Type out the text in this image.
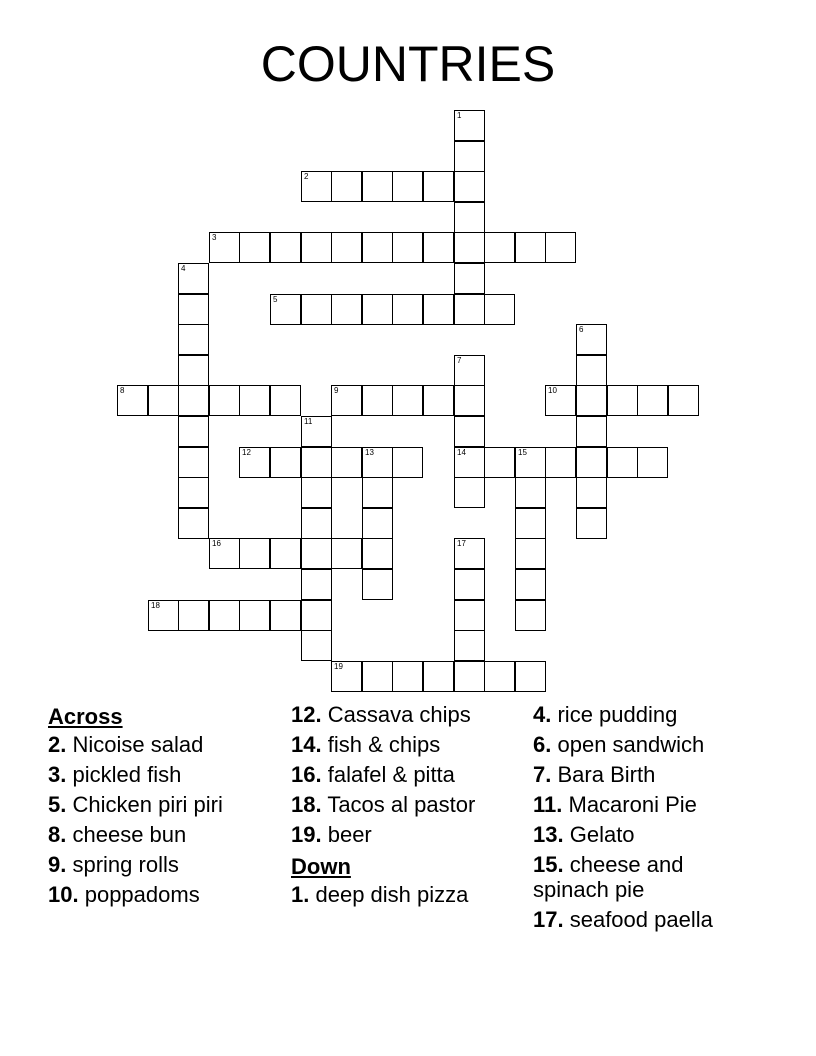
COUNTRIES
1
2
3
4
5
6
7
14
8	9	10
11
12	13	15
16	17
18
19
Across
2. Nicoise salad
3. pickled fish
5. Chicken piri piri
8. cheese bun
9. spring rolls
10. poppadoms
12. Cassava chips
14. fish & chips
16. falafel & pitta
18. Tacos al pastor
19. beer
Down
1. deep dish pizza
4. rice pudding
6. open sandwich
7. Bara Birth
11. Macaroni Pie
13. Gelato
15. cheese and spinach pie
17. seafood paella
